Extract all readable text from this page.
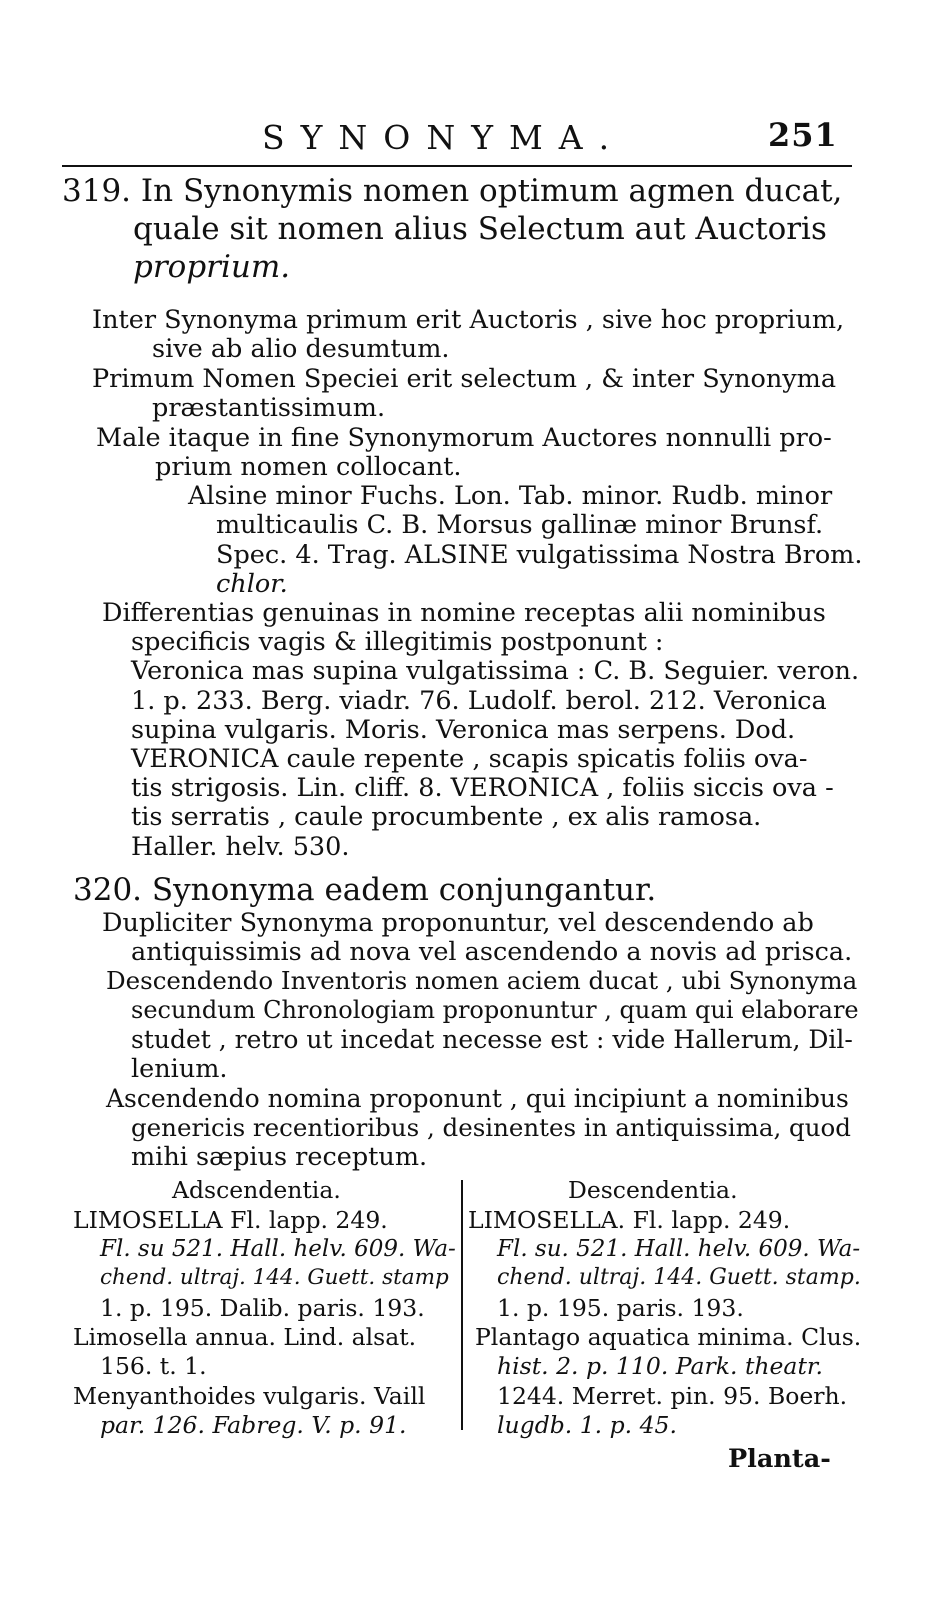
SYNONYMA.	251
319. In Synonymis nomen optimum agmen ducat,
quale sit nomen alius Selectum aut Auctoris
proprium.
Inter Synonyma primum erit Auctoris , sive hoc proprium,
sive ab alio desumtum.
Primum Nomen Speciei erit selectum , & inter Synonyma
præstantissimum.
Male itaque in fine Synonymorum Auctores nonnulli pro-
prium nomen collocant.
Alsine minor Fuchs. Lon. Tab. minor. Rudb. minor
multicaulis C. B. Morsus gallinæ minor Brunsf.
Spec. 4. Trag. ALSINE vulgatissima Nostra Brom.
chlor.
Differentias genuinas in nomine receptas alii nominibus
specificis vagis & illegitimis postponunt :
Veronica mas supina vulgatissima : C. B. Seguier. veron.
1. p. 233. Berg. viadr. 76. Ludolf. berol. 212. Veronica
supina vulgaris. Moris. Veronica mas serpens. Dod.
VERONICA caule repente , scapis spicatis foliis ova-
tis strigosis. Lin. cliff. 8. VERONICA , foliis siccis ova -
tis serratis , caule procumbente , ex alis ramosa.
Haller. helv. 530.
320. Synonyma eadem conjungantur.
Dupliciter Synonyma proponuntur, vel descendendo ab
antiquissimis ad nova vel ascendendo a novis ad prisca.
Descendendo Inventoris nomen aciem ducat , ubi Synonyma
secundum Chronologiam proponuntur , quam qui elaborare
studet , retro ut incedat necesse est : vide Hallerum, Dil-
lenium.
Ascendendo nomina proponunt , qui incipiunt a nominibus
genericis recentioribus , desinentes in antiquissima, quod
mihi sæpius receptum.
Adscendentia.
LIMOSELLA Fl. lapp. 249.
Fl. su 521. Hall. helv. 609. Wa-
chend. ultraj. 144. Guett. stamp
1. p. 195. Dalib. paris. 193.
Limosella annua. Lind. alsat.
156. t. 1.
Menyanthoides vulgaris. Vaill
par. 126. Fabreg. V. p. 91.
Descendentia.
LIMOSELLA. Fl. lapp. 249.
Fl. su. 521. Hall. helv. 609. Wa-
chend. ultraj. 144. Guett. stamp.
1. p. 195. paris. 193.
Plantago aquatica minima. Clus.
hist. 2. p. 110. Park. theatr.
1244. Merret. pin. 95. Boerh.
lugdb. 1. p. 45.
Planta-
